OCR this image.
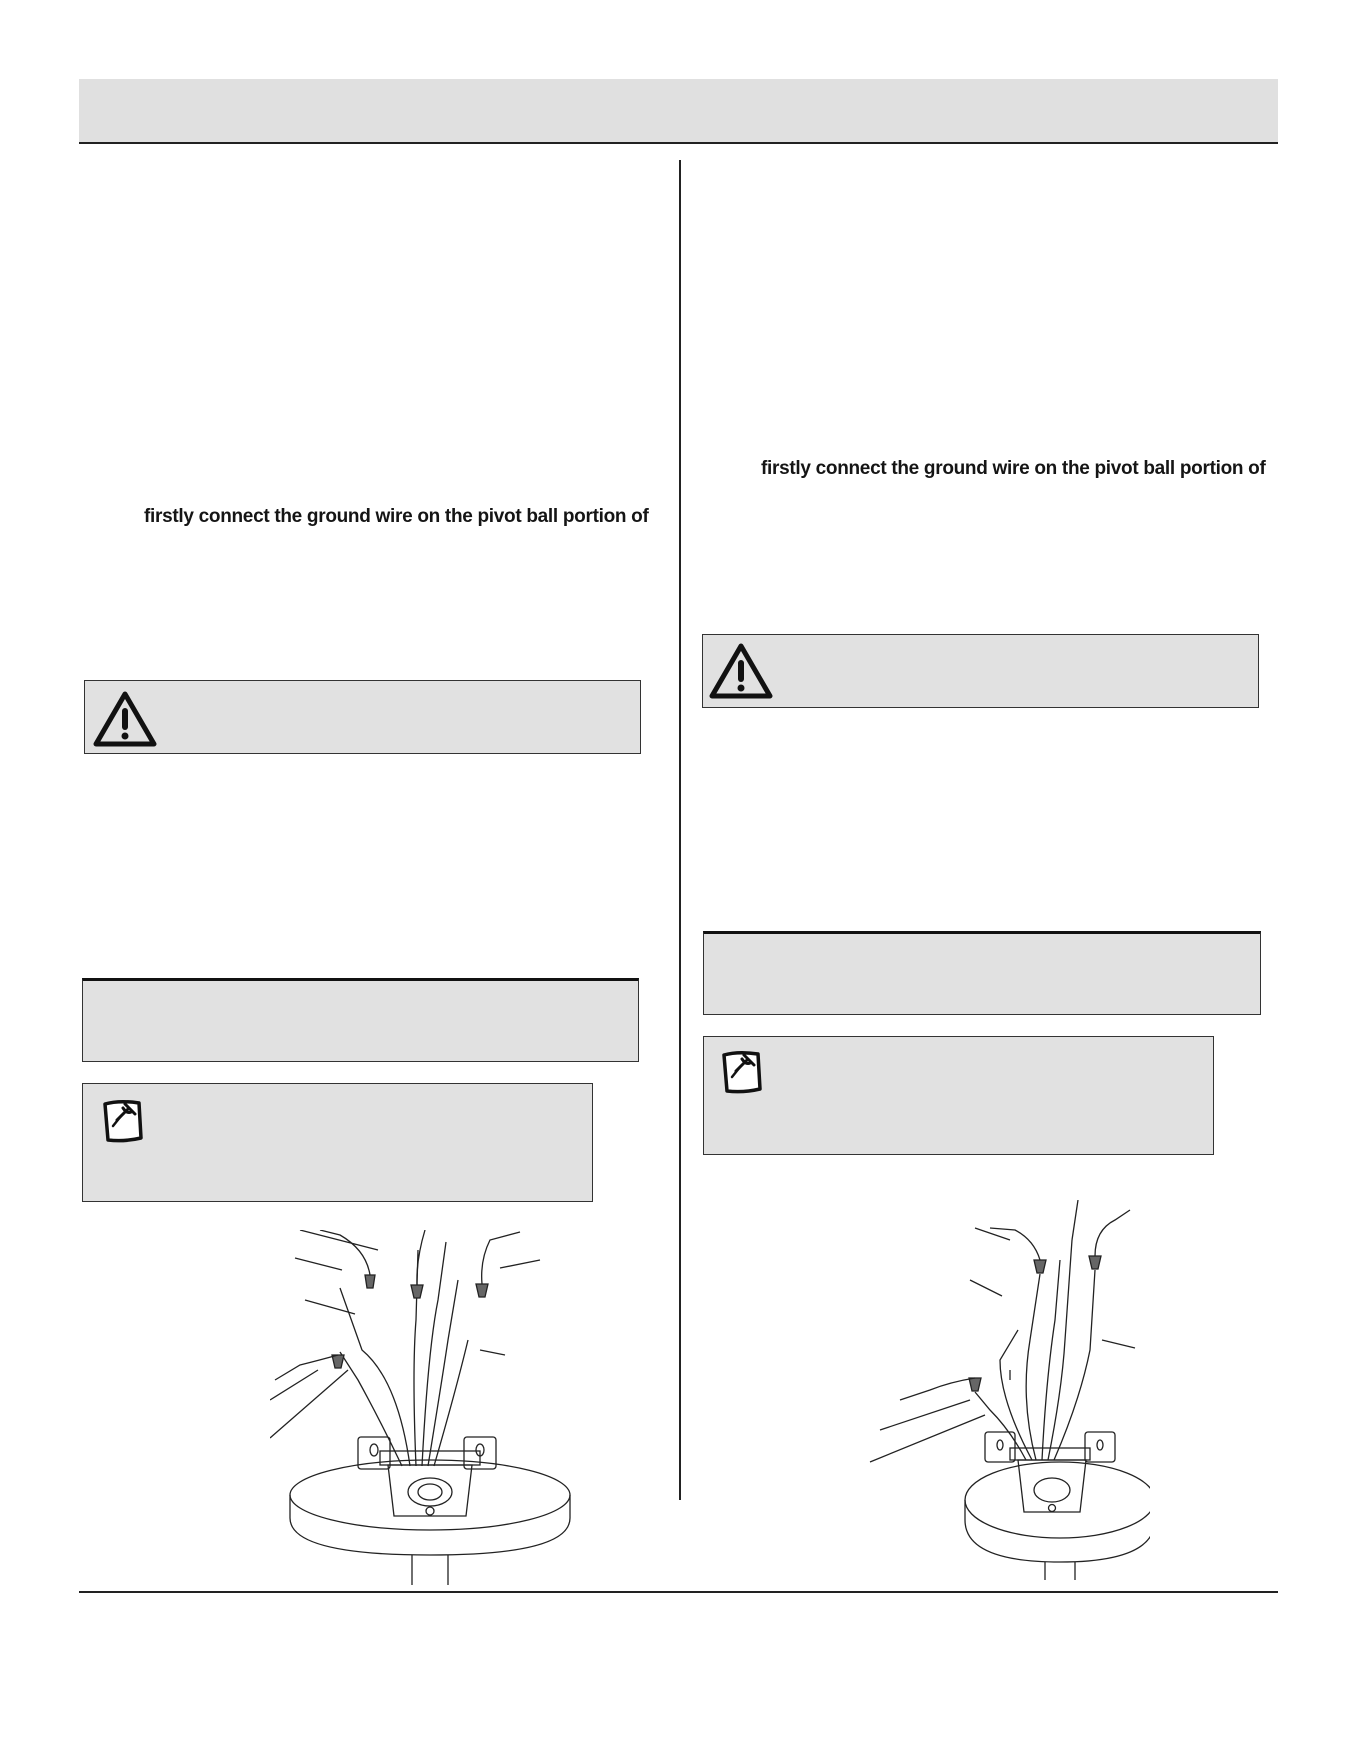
firstly connect the ground wire on the pivot ball portion of
firstly connect the ground wire on the pivot ball portion of
